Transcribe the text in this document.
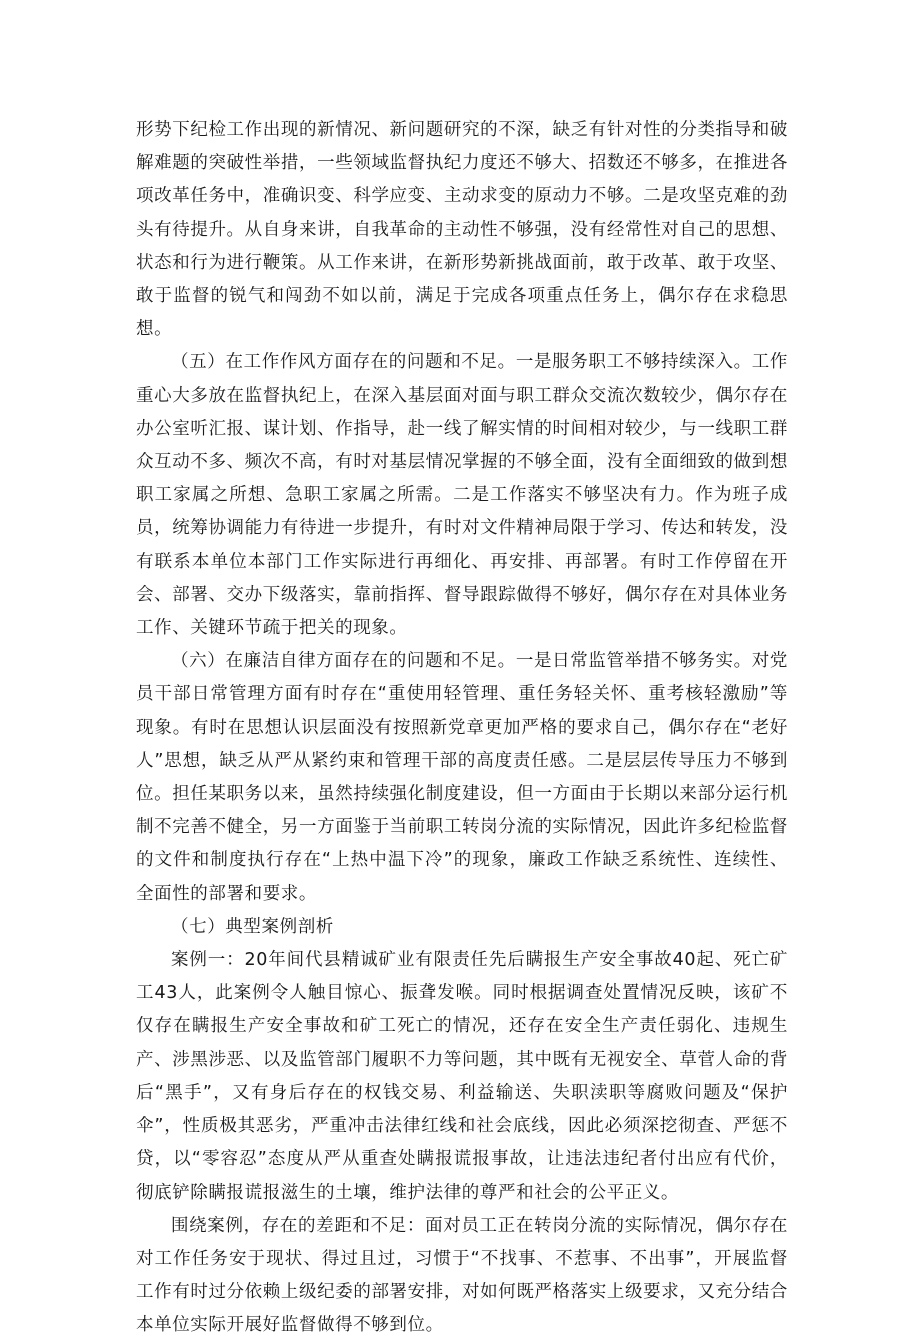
形势下纪检工作出现的新情况、新问题研究的不深，缺乏有针对性的分类指导和破解难题的突破性举措，一些领域监督执纪力度还不够大、招数还不够多，在推进各项改革任务中，准确识变、科学应变、主动求变的原动力不够。二是攻坚克难的劲头有待提升。从自身来讲，自我革命的主动性不够强，没有经常性对自己的思想、状态和行为进行鞭策。从工作来讲，在新形势新挑战面前，敢于改革、敢于攻坚、敢于监督的锐气和闯劲不如以前，满足于完成各项重点任务上，偶尔存在求稳思想。

（五）在工作作风方面存在的问题和不足。一是服务职工不够持续深入。工作重心大多放在监督执纪上，在深入基层面对面与职工群众交流次数较少，偶尔存在办公室听汇报、谋计划、作指导，赴一线了解实情的时间相对较少，与一线职工群众互动不多、频次不高，有时对基层情况掌握的不够全面，没有全面细致的做到想职工家属之所想、急职工家属之所需。二是工作落实不够坚决有力。作为班子成员，统筹协调能力有待进一步提升，有时对文件精神局限于学习、传达和转发，没有联系本单位本部门工作实际进行再细化、再安排、再部署。有时工作停留在开会、部署、交办下级落实，靠前指挥、督导跟踪做得不够好，偶尔存在对具体业务工作、关键环节疏于把关的现象。

（六）在廉洁自律方面存在的问题和不足。一是日常监管举措不够务实。对党员干部日常管理方面有时存在“重使用轻管理、重任务轻关怀、重考核轻激励”等现象。有时在思想认识层面没有按照新党章更加严格的要求自己，偶尔存在“老好人”思想，缺乏从严从紧约束和管理干部的高度责任感。二是层层传导压力不够到位。担任某职务以来，虽然持续强化制度建设，但一方面由于长期以来部分运行机制不完善不健全，另一方面鉴于当前职工转岗分流的实际情况，因此许多纪检监督的文件和制度执行存在“上热中温下冷”的现象，廉政工作缺乏系统性、连续性、全面性的部署和要求。

（七）典型案例剖析

案例一：20年间代县精诚矿业有限责任先后瞒报生产安全事故40起、死亡矿工43人，此案例令人触目惊心、振聋发喉。同时根据调查处置情况反映，该矿不仅存在瞒报生产安全事故和矿工死亡的情况，还存在安全生产责任弱化、违规生产、涉黑涉恶、以及监管部门履职不力等问题，其中既有无视安全、草菅人命的背后“黑手”，又有身后存在的权钱交易、利益输送、失职渎职等腐败问题及“保护伞”，性质极其恶劣，严重冲击法律红线和社会底线，因此必须深挖彻查、严惩不贷，以“零容忍”态度从严从重查处瞒报谎报事故，让违法违纪者付出应有代价，彻底铲除瞒报谎报滋生的土壤，维护法律的尊严和社会的公平正义。

围绕案例，存在的差距和不足：面对员工正在转岗分流的实际情况，偶尔存在对工作任务安于现状、得过且过，习惯于“不找事、不惹事、不出事”，开展监督工作有时过分依赖上级纪委的部署安排，对如何既严格落实上级要求，又充分结合本单位实际开展好监督做得不够到位。
